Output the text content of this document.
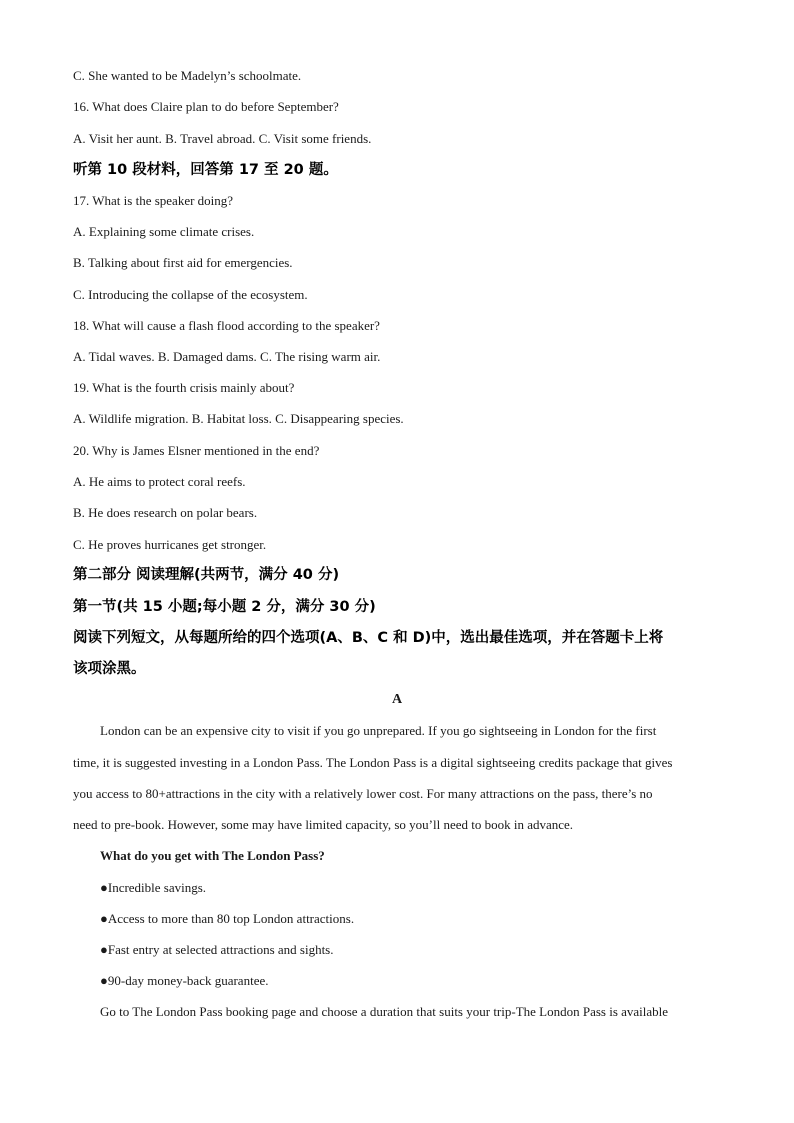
C. She wanted to be Madelyn’s schoolmate.
16. What does Claire plan to do before September?
A. Visit her aunt. B. Travel abroad. C. Visit some friends.
听第 10 段材料，回答第 17 至 20 题。
17. What is the speaker doing?
A. Explaining some climate crises.
B. Talking about first aid for emergencies.
C. Introducing the collapse of the ecosystem.
18. What will cause a flash flood according to the speaker?
A. Tidal waves. B. Damaged dams. C. The rising warm air.
19. What is the fourth crisis mainly about?
A. Wildlife migration. B. Habitat loss. C. Disappearing species.
20. Why is James Elsner mentioned in the end?
A. He aims to protect coral reefs.
B. He does research on polar bears.
C. He proves hurricanes get stronger.
第二部分 阅读理解(共两节，满分 40 分)
第一节(共 15 小题;每小题 2 分，满分 30 分)
阅读下列短文，从每题所给的四个选项(A、B、C 和 D)中，选出最佳选项，并在答题卡上将
该项涂黑。
A
London can be an expensive city to visit if you go unprepared. If you go sightseeing in London for the first
time, it is suggested investing in a London Pass. The London Pass is a digital sightseeing credits package that gives
you access to 80+attractions in the city with a relatively lower cost. For many attractions on the pass, there’s no
need to pre-book. However, some may have limited capacity, so you’ll need to book in advance.
What do you get with The London Pass?
●Incredible savings.
●Access to more than 80 top London attractions.
●Fast entry at selected attractions and sights.
●90-day money-back guarantee.
Go to The London Pass booking page and choose a duration that suits your trip-The London Pass is available
